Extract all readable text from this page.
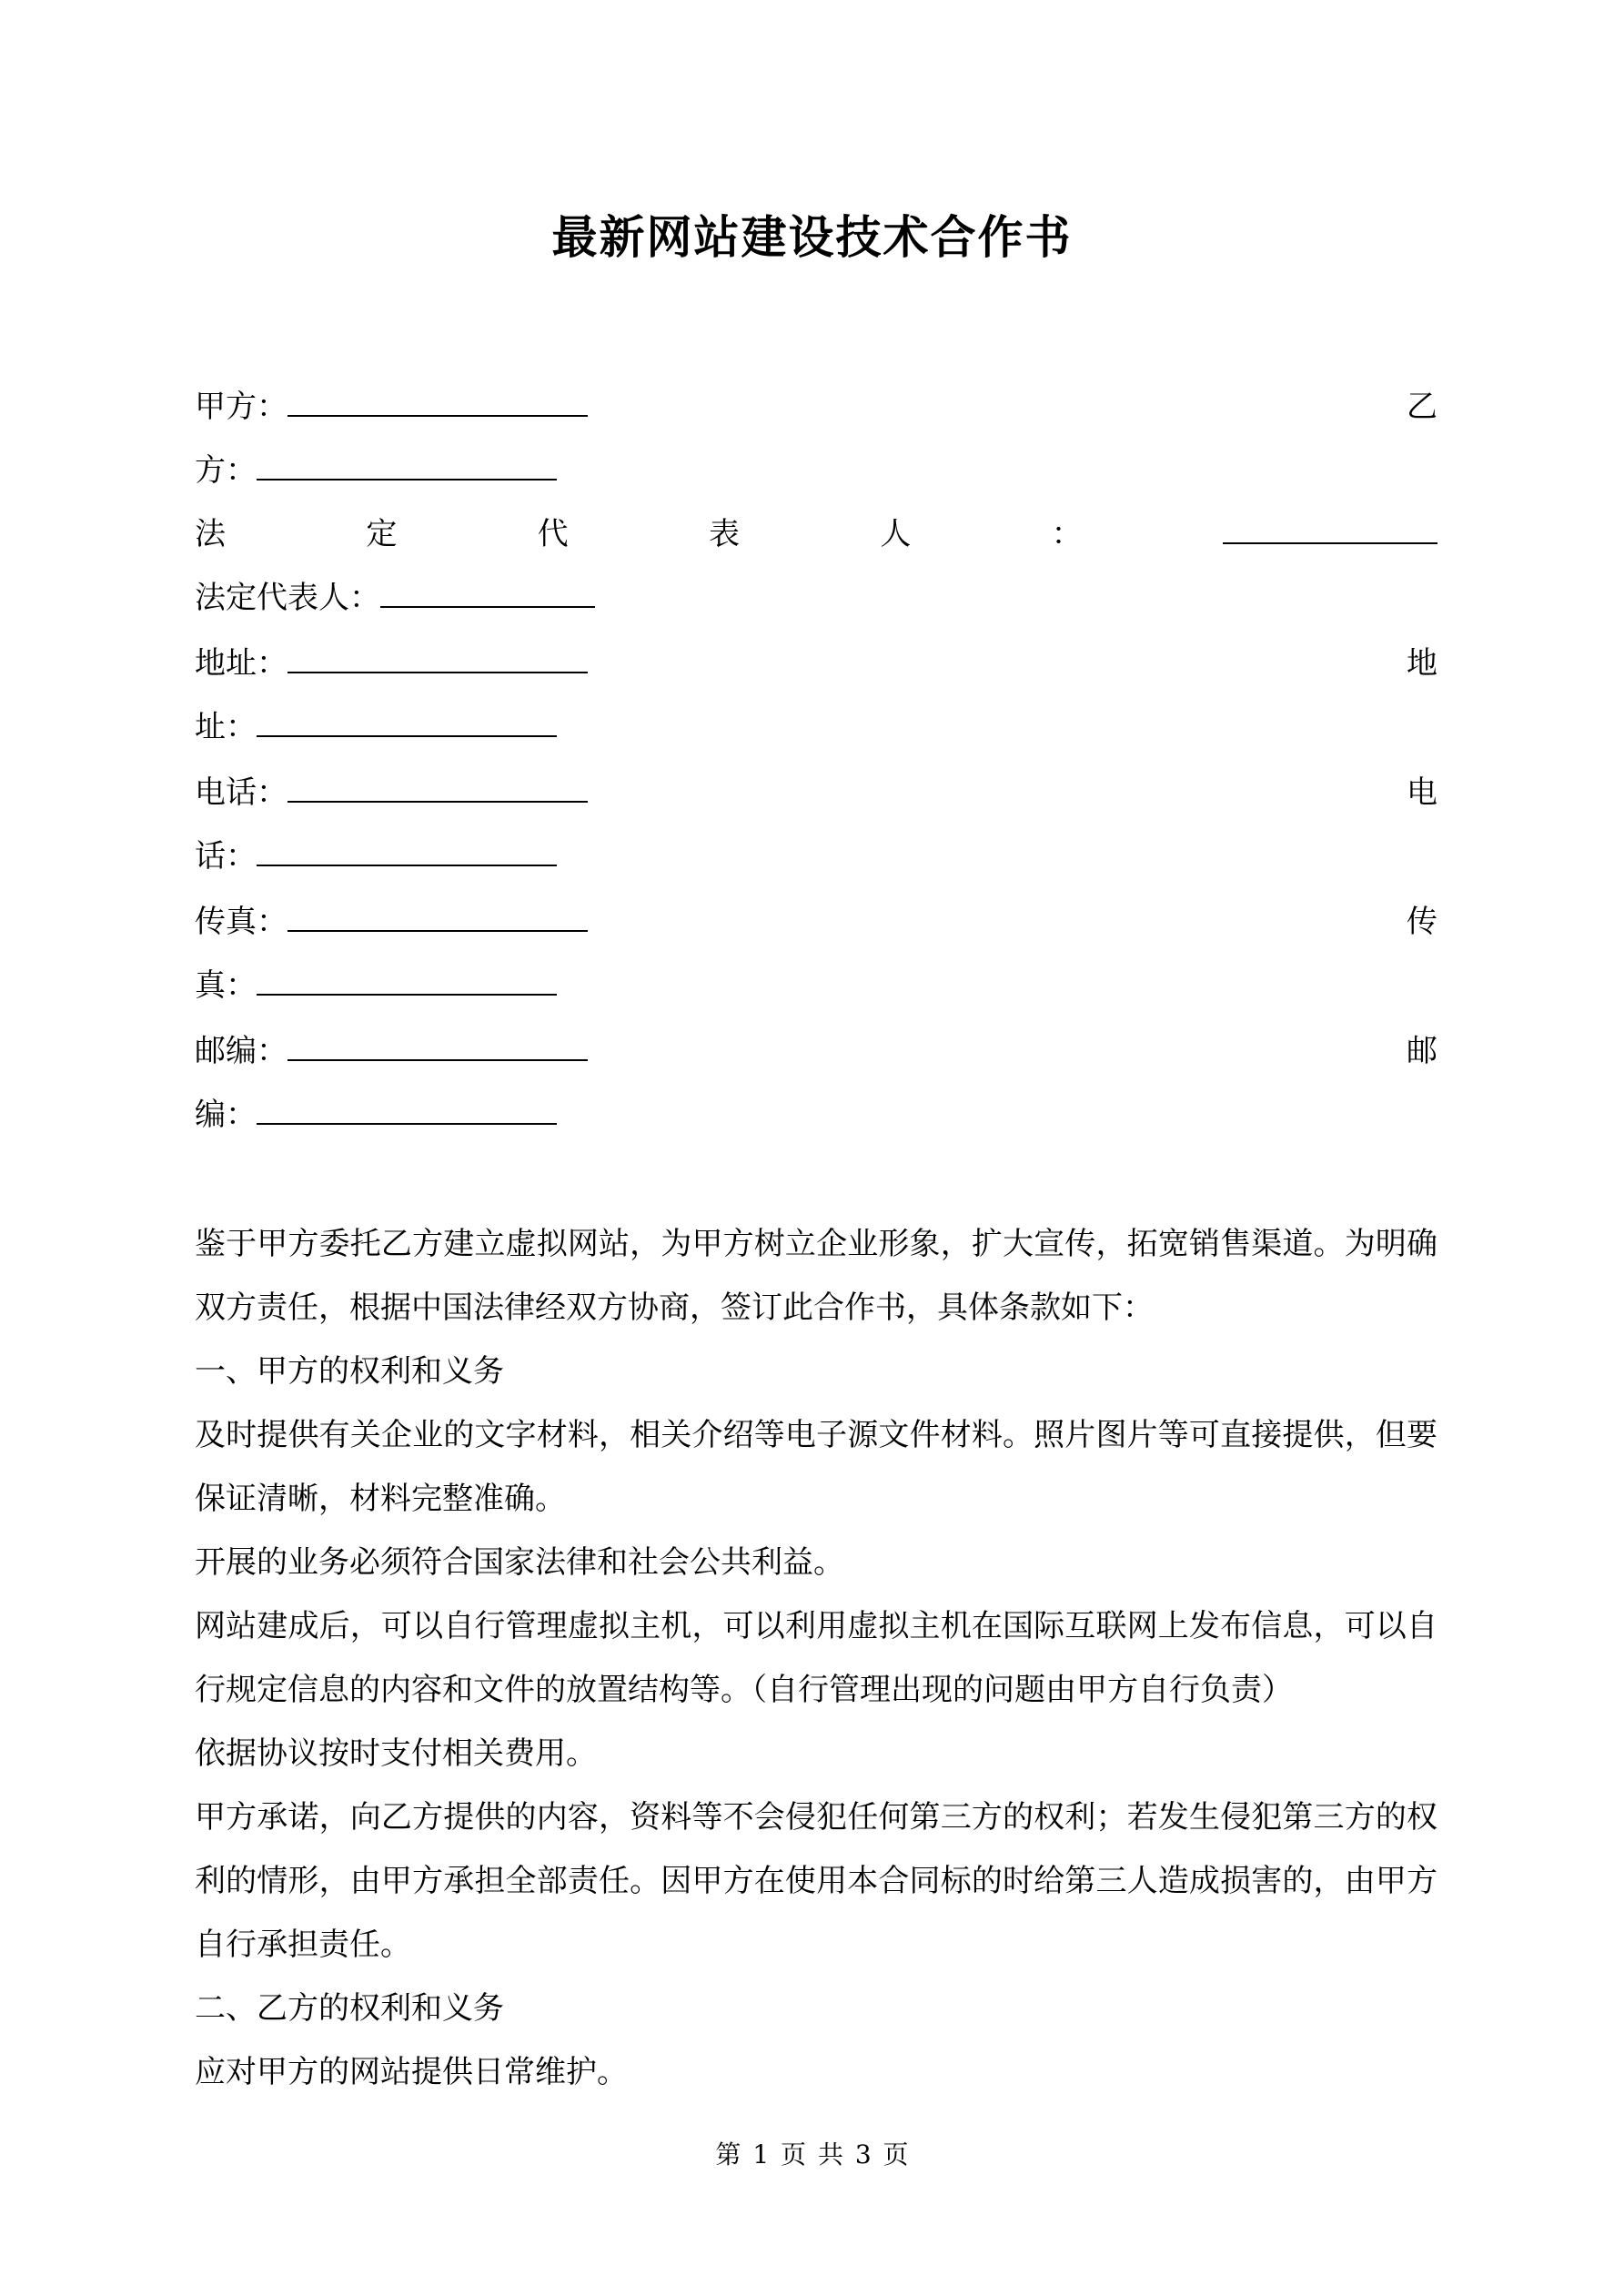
最新网站建设技术合作书
甲方：	乙
方：
法	定	代	表	人	：
法定代表人：
地址：	地
址：
电话：	电
话：
传真：	传
真：
邮编：	邮
编：

鉴于甲方委托乙方建立虚拟网站，为甲方树立企业形象，扩大宣传，拓宽销售渠道。为明确双方责任，根据中国法律经双方协商，签订此合作书，具体条款如下：

一、甲方的权利和义务

及时提供有关企业的文字材料，相关介绍等电子源文件材料。照片图片等可直接提供，但要保证清晰，材料完整准确。

开展的业务必须符合国家法律和社会公共利益。

网站建成后，可以自行管理虚拟主机，可以利用虚拟主机在国际互联网上发布信息，可以自行规定信息的内容和文件的放置结构等。（自行管理出现的问题由甲方自行负责）

依据协议按时支付相关费用。

甲方承诺，向乙方提供的内容，资料等不会侵犯任何第三方的权利；若发生侵犯第三方的权利的情形，由甲方承担全部责任。因甲方在使用本合同标的时给第三人造成损害的，由甲方自行承担责任。

二、乙方的权利和义务

应对甲方的网站提供日常维护。

第 1 页 共 3 页
